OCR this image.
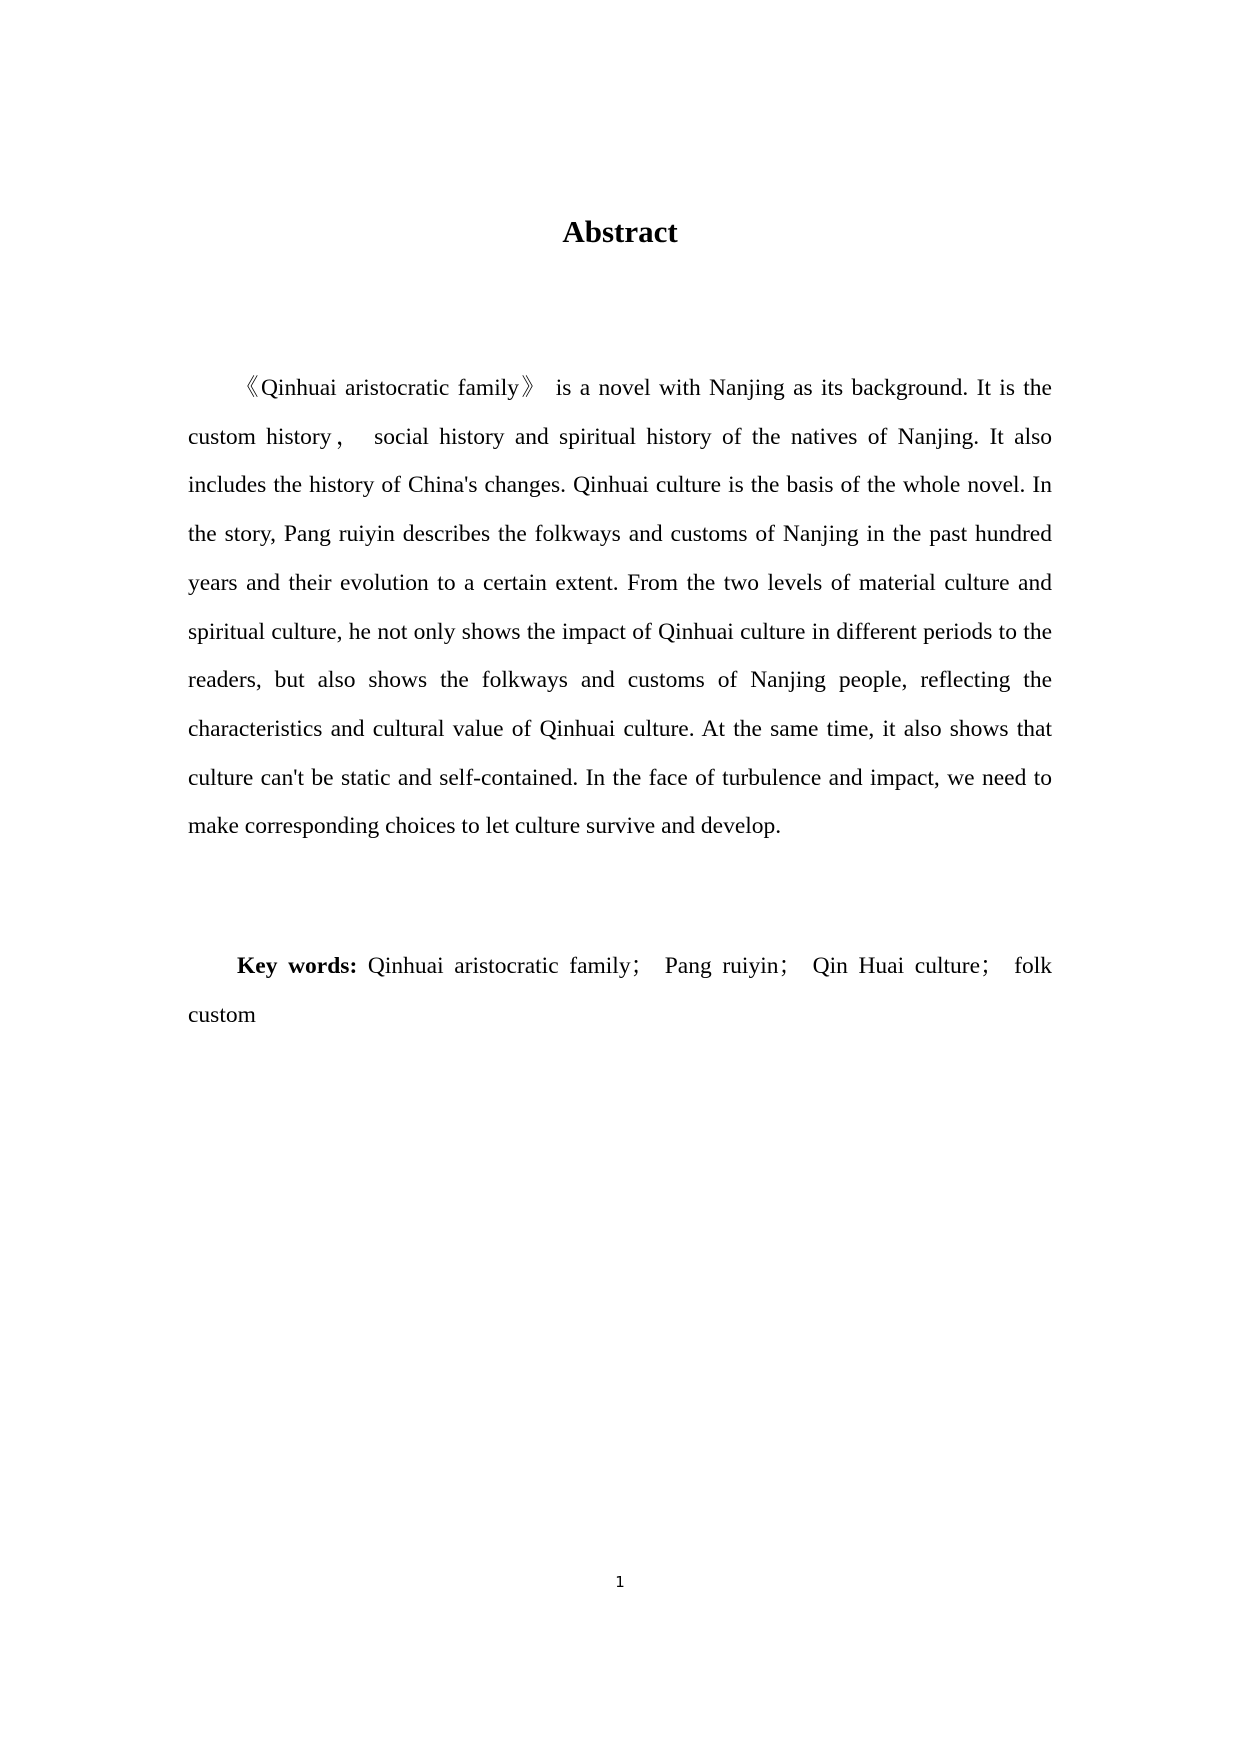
Abstract

《Qinhuai aristocratic family》 is a novel with Nanjing as its background. It is the custom history， social history and spiritual history of the natives of Nanjing. It also includes the history of China's changes. Qinhuai culture is the basis of the whole novel. In the story, Pang ruiyin describes the folkways and customs of Nanjing in the past hundred years and their evolution to a certain extent. From the two levels of material culture and spiritual culture, he not only shows the impact of Qinhuai culture in different periods to the readers, but also shows the folkways and customs of Nanjing people, reflecting the characteristics and cultural value of Qinhuai culture. At the same time, it also shows that culture can't be static and self-contained. In the face of turbulence and impact, we need to make corresponding choices to let culture survive and develop.

Key words: Qinhuai aristocratic family； Pang ruiyin； Qin Huai culture； folk custom

1
